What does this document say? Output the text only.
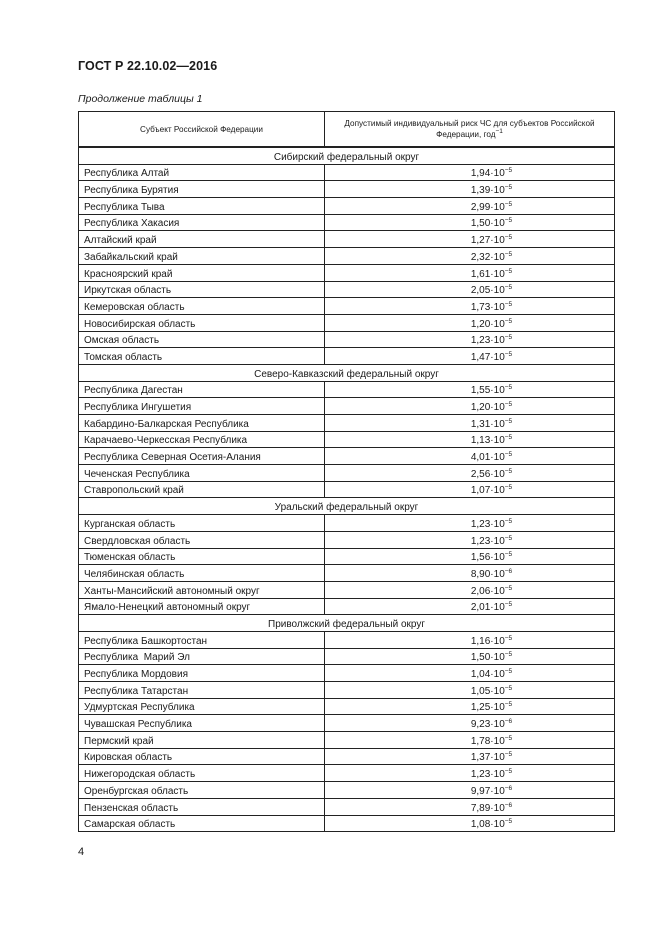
ГОСТ Р 22.10.02—2016
Продолжение таблицы 1
Субъект Российской Федерации	Допустимый индивидуальный риск ЧС для субъектов Российской Федерации, год$^{-1}$
Сибирский федеральный округ	
Республика Алтай	$1,94\cdot 10^{-5}$
Республика Бурятия	$1,39\cdot 10^{-5}$
Республика Тыва	$2,99\cdot 10^{-5}$
Республика Хакасия	$1,50\cdot 10^{-5}$
Алтайский край	$1,27\cdot 10^{-5}$
Забайкальский край	$2,32\cdot 10^{-5}$
Красноярский край	$1,61\cdot 10^{-5}$
Иркутская область	$2,05\cdot 10^{-5}$
Кемеровская область	$1,73\cdot 10^{-5}$
Новосибирская область	$1,20\cdot 10^{-5}$
Омская область	$1,23\cdot 10^{-5}$
Томская область	$1,47\cdot 10^{-5}$
Северо-Кавказский федеральный округ	
Республика Дагестан	$1,55\cdot 10^{-5}$
Республика Ингушетия	$1,20\cdot 10^{-5}$
Кабардино-Балкарская Республика	$1,31\cdot 10^{-5}$
Карачаево-Черкесская Республика	$1,13\cdot 10^{-5}$
Республика Северная Осетия-Алания	$4,01\cdot 10^{-5}$
Чеченская Республика	$2,56\cdot 10^{-5}$
Ставропольский край	$1,07\cdot 10^{-5}$
Уральский федеральный округ	
Курганская область	$1,23\cdot 10^{-5}$
Свердловская область	$1,23\cdot 10^{-5}$
Тюменская область	$1,56\cdot 10^{-5}$
Челябинская область	$8,90\cdot 10^{-6}$
Ханты-Мансийский автономный округ	$2,06\cdot 10^{-5}$
Ямало-Ненецкий автономный округ	$2,01\cdot 10^{-5}$
Приволжский федеральный округ	
Республика Башкортостан	$1,16\cdot 10^{-5}$
Республика  Марий Эл	$1,50\cdot 10^{-5}$
Республика Мордовия	$1,04\cdot 10^{-5}$
Республика Татарстан	$1,05\cdot 10^{-5}$
Удмуртская Республика	$1,25\cdot 10^{-5}$
Чувашская Республика	$9,23\cdot 10^{-6}$
Пермский край	$1,78\cdot 10^{-5}$
Кировская область	$1,37\cdot 10^{-5}$
Нижегородская область	$1,23\cdot 10^{-5}$
Оренбургская область	$9,97\cdot 10^{-6}$
Пензенская область	$7,89\cdot 10^{-6}$
Самарская область	$1,08\cdot 10^{-5}$
4
